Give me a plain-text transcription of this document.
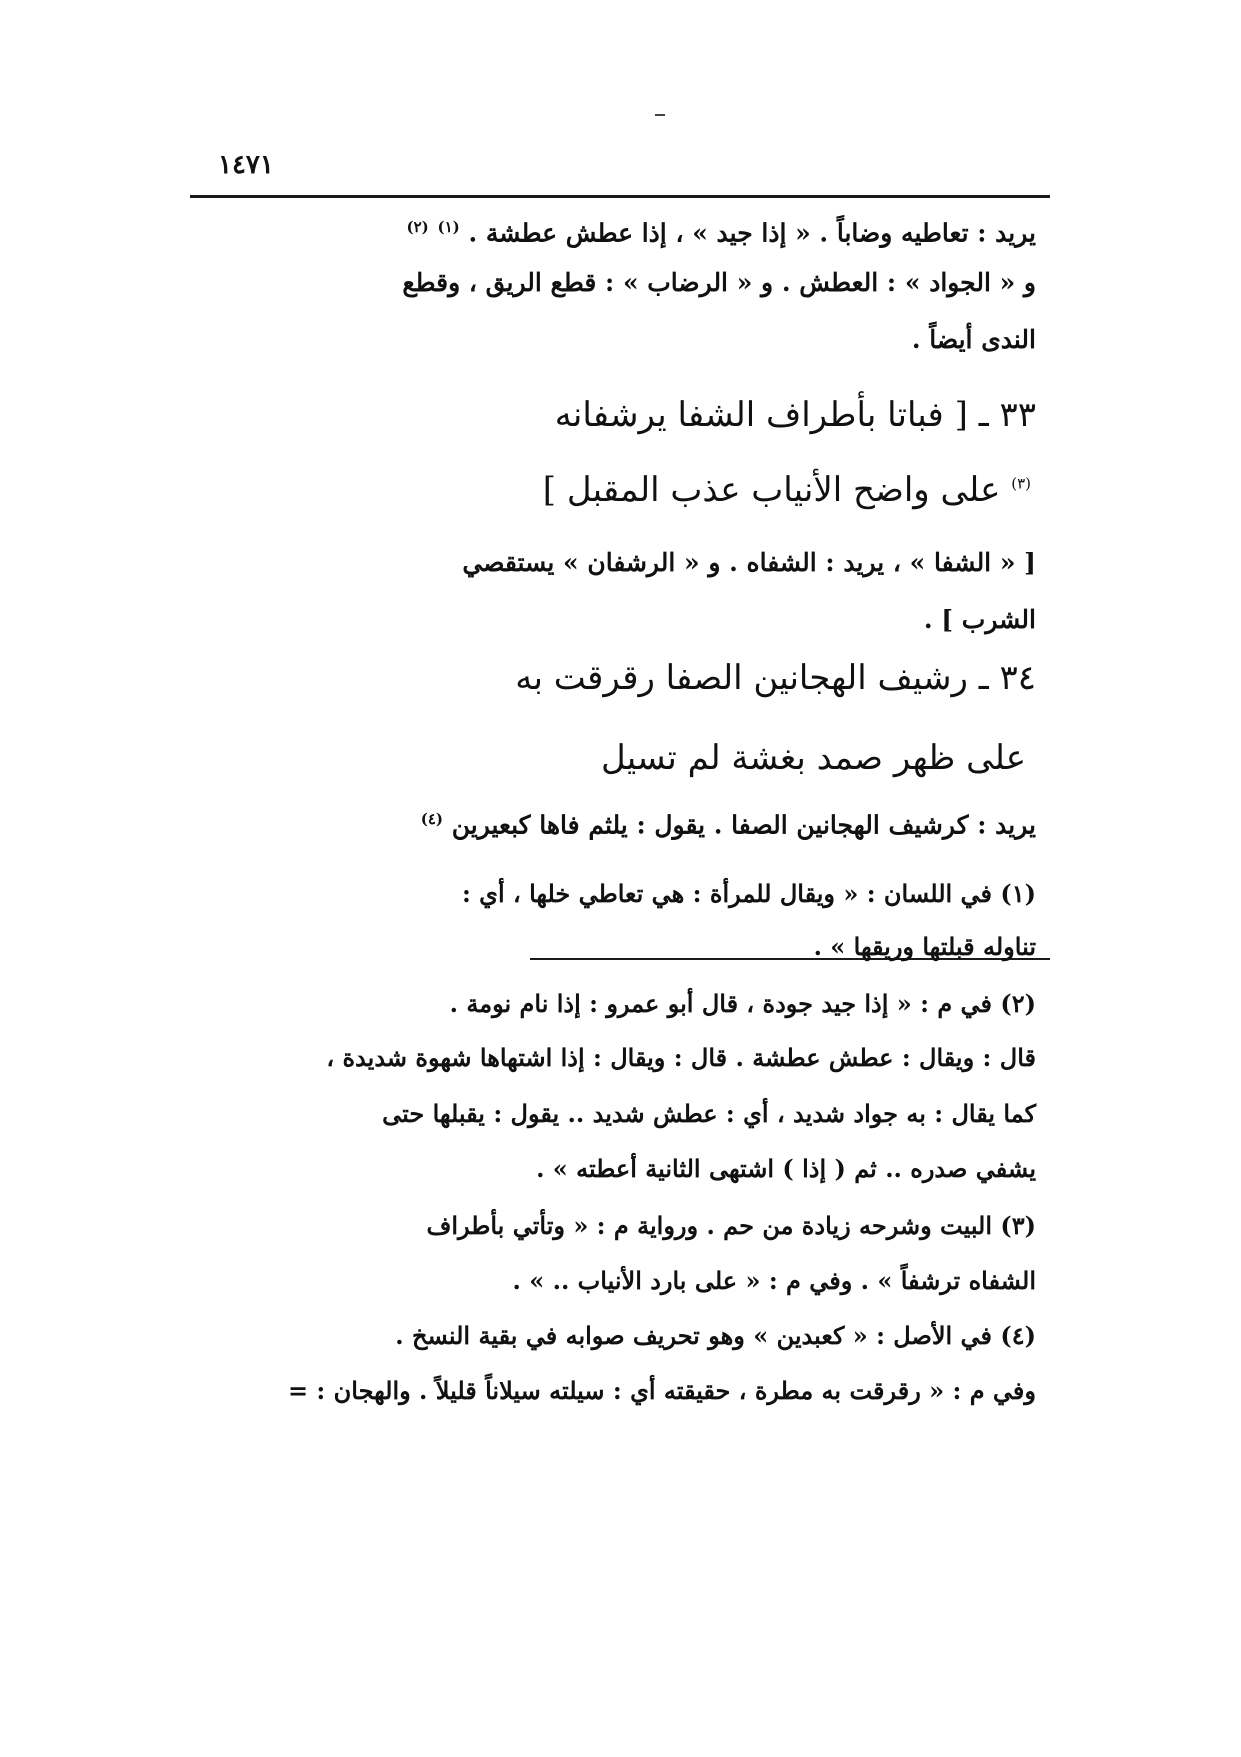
١٤٧١
يريد : تعاطيه وضاباً . « إذا جيد » ، إذا عطش عطشة . $^{(١)}$ $^{(٢)}$
و « الجواد » : العطش . و « الرضاب » : قطع الريق ، وقطع
الندى أيضاً .
٣٣ ـ [ فباتا بأطراف الشفا يرشفانه
$^{(٣)}$ على واضح الأنياب عذب المقبل ]
[ « الشفا » ، يريد : الشفاه . و « الرشفان » يستقصي
الشرب ] .
٣٤ ـ رشيف الهجانين الصفا رقرقت به
على ظهر صمد بغشة لم تسيل
يريد : كرشيف الهجانين الصفا . يقول : يلثم فاها كبعيرين $^{(٤)}$
(١) في اللسان : « ويقال للمرأة : هي تعاطي خلها ، أي :
تناوله قبلتها وريقها » .
(٢) في م : « إذا جيد جودة ، قال أبو عمرو : إذا نام نومة .
قال : ويقال : عطش عطشة . قال : ويقال : إذا اشتهاها شهوة شديدة ،
كما يقال : به جواد شديد ، أي : عطش شديد .. يقول : يقبلها حتى
يشفي صدره .. ثم ( إذا ) اشتهى الثانية أعطته » .
(٣) البيت وشرحه زيادة من حم . ورواية م : « وتأتي بأطراف
الشفاه ترشفاً » . وفي م : « على بارد الأنياب .. » .
(٤) في الأصل : « كعبدين » وهو تحريف صوابه في بقية النسخ .
وفي م : « رقرقت به مطرة ، حقيقته أي : سيلته سيلاناً قليلاً . والهجان : =
